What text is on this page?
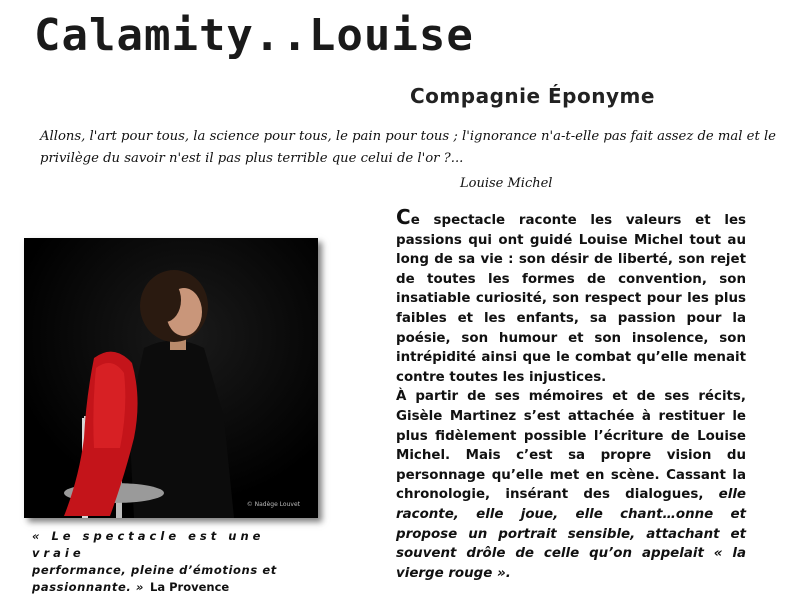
Calamity..Louise
Compagnie Éponyme
Allons, l'art pour tous, la science pour tous, le pain pour tous ; l'ignorance n'a-t-elle pas fait assez de mal et le privilège du savoir n'est il pas plus terrible que celui de l'or ?...
Louise Michel
© Nadège Louvet
« Le spectacle est une vraie
performance, pleine d’émotions et passionnante. » La Provence

Ce spectacle raconte les valeurs et les passions qui ont guidé Louise Michel tout au long de sa vie : son désir de liberté, son rejet de toutes les formes de convention, son insatiable curiosité, son respect pour les plus faibles et les enfants, sa passion pour la poésie, son humour et son insolence, son intrépidité ainsi que le combat qu’elle menait contre toutes les injustices.

À partir de ses mémoires et de ses récits, Gisèle Martinez s’est attachée à restituer le plus fidèlement possible l’écriture de Louise Michel. Mais c’est sa propre vision du personnage qu’elle met en scène. Cassant la chronologie, insérant des dialogues, elle raconte, elle joue, elle chant…onne et propose un portrait sensible, attachant et souvent drôle de celle qu’on appelait « la vierge rouge ».
